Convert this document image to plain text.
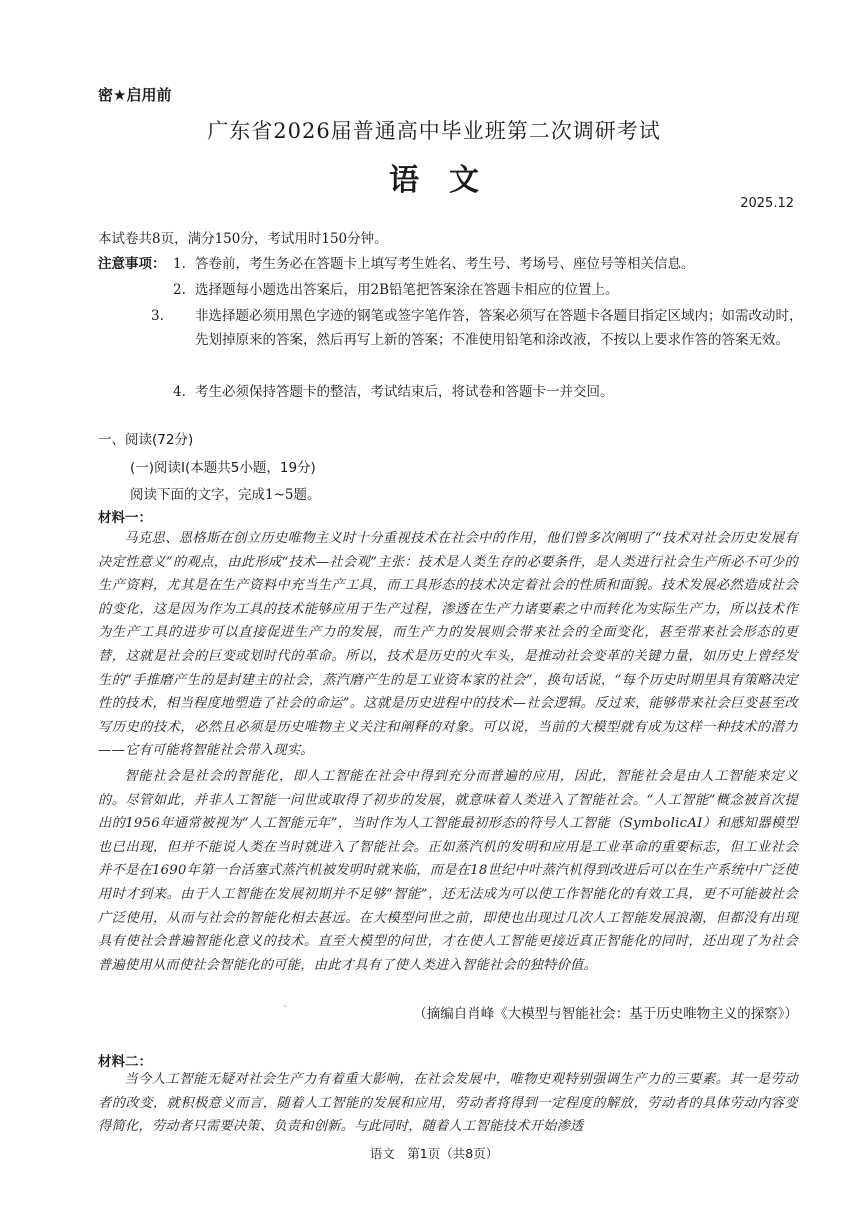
密★启用前
广东省2026届普通高中毕业班第二次调研考试
语文
2025.12
本试卷共8页，满分150分，考试用时150分钟。
注意事项： 1. 答卷前，考生务必在答题卡上填写考生姓名、考生号、考场号、座位号等相关信息。
2. 选择题每小题选出答案后，用2B铅笔把答案涂在答题卡相应的位置上。
3. 非选择题必须用黑色字迹的钢笔或签字笔作答，答案必须写在答题卡各题目指定区域内；如需改动时，先划掉原来的答案，然后再写上新的答案；不准使用铅笔和涂改液，不按以上要求作答的答案无效。
4. 考生必须保持答题卡的整洁，考试结束后，将试卷和答题卡一并交回。
一、阅读(72分)
(一)阅读Ⅰ(本题共5小题，19分)
阅读下面的文字，完成1~5题。
材料一：
马克思、恩格斯在创立历史唯物主义时十分重视技术在社会中的作用，他们曾多次阐明了“技术对社会历史发展有决定性意义”的观点，由此形成“技术—社会观”主张：技术是人类生存的必要条件，是人类进行社会生产所必不可少的生产资料，尤其是在生产资料中充当生产工具，而工具形态的技术决定着社会的性质和面貌。技术发展必然造成社会的变化，这是因为作为工具的技术能够应用于生产过程，渗透在生产力诸要素之中而转化为实际生产力，所以技术作为生产工具的进步可以直接促进生产力的发展，而生产力的发展则会带来社会的全面变化，甚至带来社会形态的更替，这就是社会的巨变或划时代的革命。所以，技术是历史的火车头，是推动社会变革的关键力量，如历史上曾经发生的“手推磨产生的是封建主的社会，蒸汽磨产生的是工业资本家的社会”，换句话说，“每个历史时期里具有策略决定性的技术，相当程度地塑造了社会的命运”。这就是历史进程中的技术—社会逻辑。反过来，能够带来社会巨变甚至改写历史的技术，必然且必须是历史唯物主义关注和阐释的对象。可以说，当前的大模型就有成为这样一种技术的潜力——它有可能将智能社会带入现实。
智能社会是社会的智能化，即人工智能在社会中得到充分而普遍的应用，因此，智能社会是由人工智能来定义的。尽管如此，并非人工智能一问世或取得了初步的发展，就意味着人类进入了智能社会。“人工智能”概念被首次提出的1956年通常被视为“人工智能元年”，当时作为人工智能最初形态的符号人工智能（SymbolicAI）和感知器模型也已出现，但并不能说人类在当时就进入了智能社会。正如蒸汽机的发明和应用是工业革命的重要标志，但工业社会并不是在1690年第一台活塞式蒸汽机被发明时就来临，而是在18世纪中叶蒸汽机得到改进后可以在生产系统中广泛使用时才到来。由于人工智能在发展初期并不足够“智能”，还无法成为可以使工作智能化的有效工具，更不可能被社会广泛使用，从而与社会的智能化相去甚远。在大模型问世之前，即使也出现过几次人工智能发展浪潮，但都没有出现具有使社会普遍智能化意义的技术。直至大模型的问世，才在使人工智能更接近真正智能化的同时，还出现了为社会普遍使用从而使社会智能化的可能，由此才具有了使人类进入智能社会的独特价值。
‵	（摘编自肖峰《大模型与智能社会：基于历史唯物主义的探察》）
材料二：
当今人工智能无疑对社会生产力有着重大影响，在社会发展中，唯物史观特别强调生产力的三要素。其一是劳动者的改变，就积极意义而言，随着人工智能的发展和应用，劳动者将得到一定程度的解放，劳动者的具体劳动内容变得简化，劳动者只需要决策、负责和创新。与此同时，随着人工智能技术开始渗透
语文　第1页（共8页）
